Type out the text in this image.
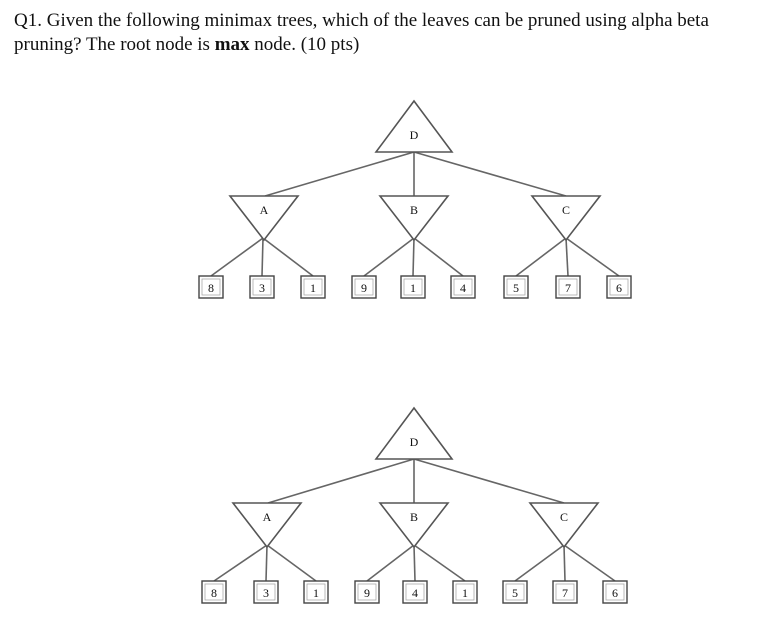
Q1. Given the following minimax trees, which of the leaves can be pruned using alpha beta pruning? The root node is max node. (10 pts)
D
A	B	C
8	3	1	9	1	4	5	7	6
D
A	B	C
8	3	1	9	4	1	5	7	6
